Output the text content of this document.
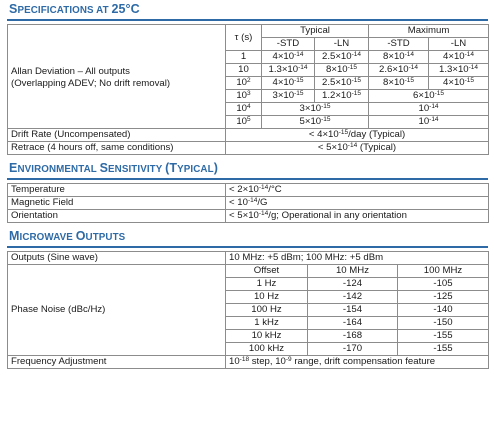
SPECIFICATIONS AT 25°C
Allan Deviation – All outputs
(Overlapping ADEV; No drift removal)	τ (s)	Typical		Maximum	
		-STD	-LN	-STD	-LN
	1	$4\times 10^{-14}$	$2.5\times 10^{-14}$	$8\times 10^{-14}$	$4\times 10^{-14}$
	10	$1.3\times 10^{-14}$	$8\times 10^{-15}$	$2.6\times 10^{-14}$	$1.3\times 10^{-14}$
	$10^2$	$4\times 10^{-15}$	$2.5\times 10^{-15}$	$8\times 10^{-15}$	$4\times 10^{-15}$
	$10^3$	$3\times 10^{-15}$	$1.2\times 10^{-15}$	$6\times 10^{-15}$
	$10^4$	$3\times 10^{-15}$		$10^{-14}$
	$10^5$	$5\times 10^{-15}$		$10^{-14}$
Drift Rate (Uncompensated)	< $4\times 10^{-15}$/day (Typical)				
Retrace (4 hours off, same conditions)	< $5\times 10^{-14}$ (Typical)				
ENVIRONMENTAL SENSITIVITY (TYPICAL)
Temperature	< $2\times 10^{-14}/^\circ C$
Magnetic Field	< $10^{-14}/G$
Orientation	< $5\times 10^{-14}/g$; Operational in any orientation
MICROWAVE OUTPUTS
Outputs (Sine wave)	10 MHz: +5 dBm; 100 MHz: +5 dBm		
Phase Noise (dBc/Hz)	Offset	10 MHz	100 MHz
	1 Hz	-124	-105
	10 Hz	-142	-125
	100 Hz	-154	-140
	1 kHz	-164	-150
	10 kHz	-168	-155
	100 kHz	-170	-155
Frequency Adjustment	$10^{-18}$ step, $10^{-9}$ range, drift compensation feature		
